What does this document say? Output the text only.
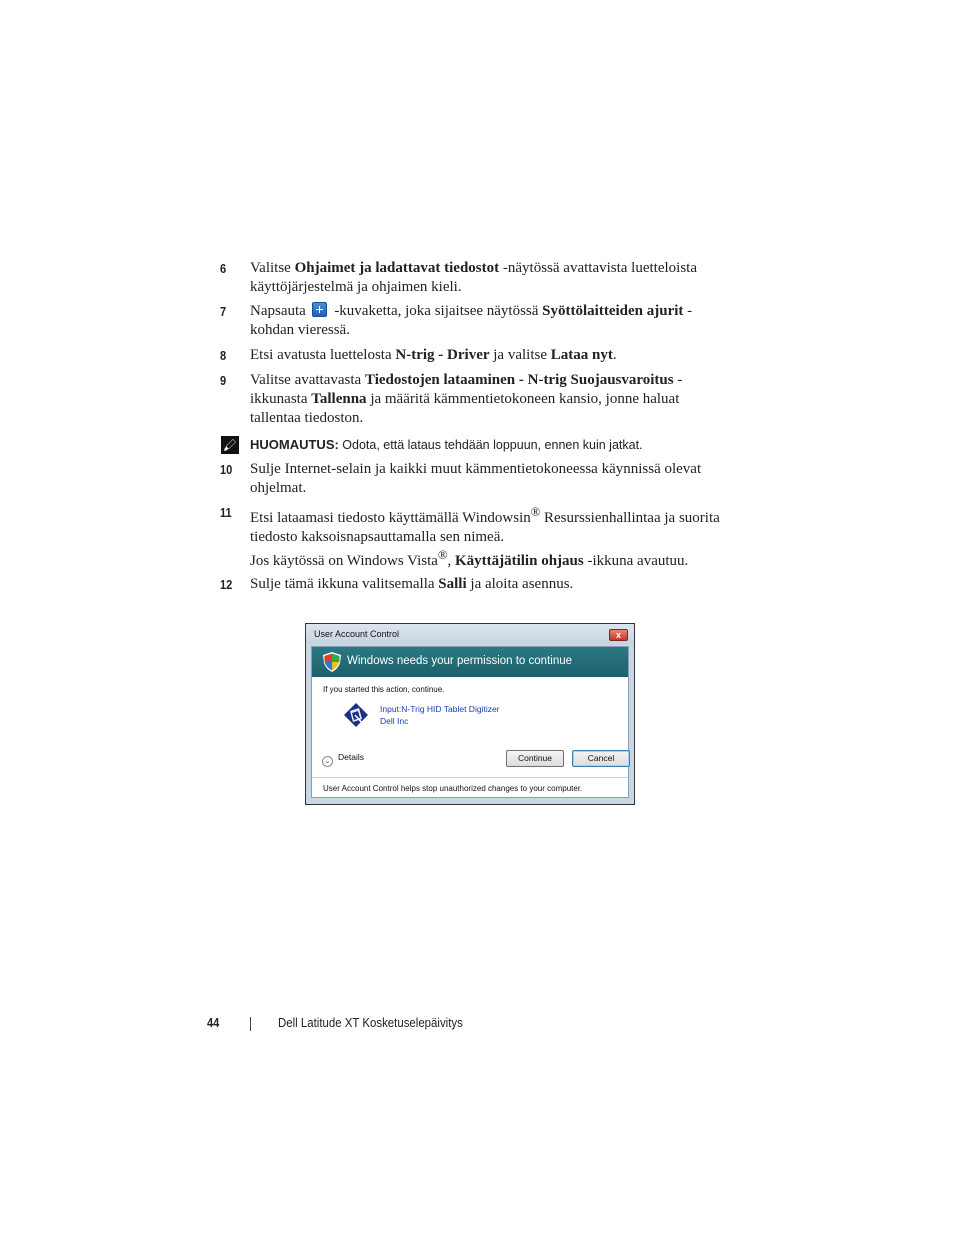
6	Valitse Ohjaimet ja ladattavat tiedostot -näytössä avattavista luetteloista käyttöjärjestelmä ja ohjaimen kieli.
7	Napsauta  -kuvaketta, joka sijaitsee näytössä Syöttölaitteiden ajurit -kohdan vieressä.
8	Etsi avatusta luettelosta N-trig - Driver ja valitse Lataa nyt.
9	Valitse avattavasta Tiedostojen lataaminen - N-trig Suojausvaroitus -ikkunasta Tallenna ja määritä kämmentietokoneen kansio, jonne haluat tallentaa tiedoston.
HUOMAUTUS: Odota, että lataus tehdään loppuun, ennen kuin jatkat.
10	Sulje Internet-selain ja kaikki muut kämmentietokoneessa käynnissä olevat ohjelmat.
11	Etsi lataamasi tiedosto käyttämällä Windowsin® Resurssienhallintaa ja suorita tiedosto kaksoisnapsauttamalla sen nimeä.
Jos käytössä on Windows Vista®, Käyttäjätilin ohjaus -ikkuna avautuu.
12	Sulje tämä ikkuna valitsemalla Salli ja aloita asennus.
User Account Control	x
Windows needs your permission to continue
If you started this action, continue.
Input:N-Trig HID Tablet Digitizer
Dell Inc
⌄ Details	Continue	Cancel
User Account Control helps stop unauthorized changes to your computer.
44	Dell Latitude XT Kosketuselepäivitys
